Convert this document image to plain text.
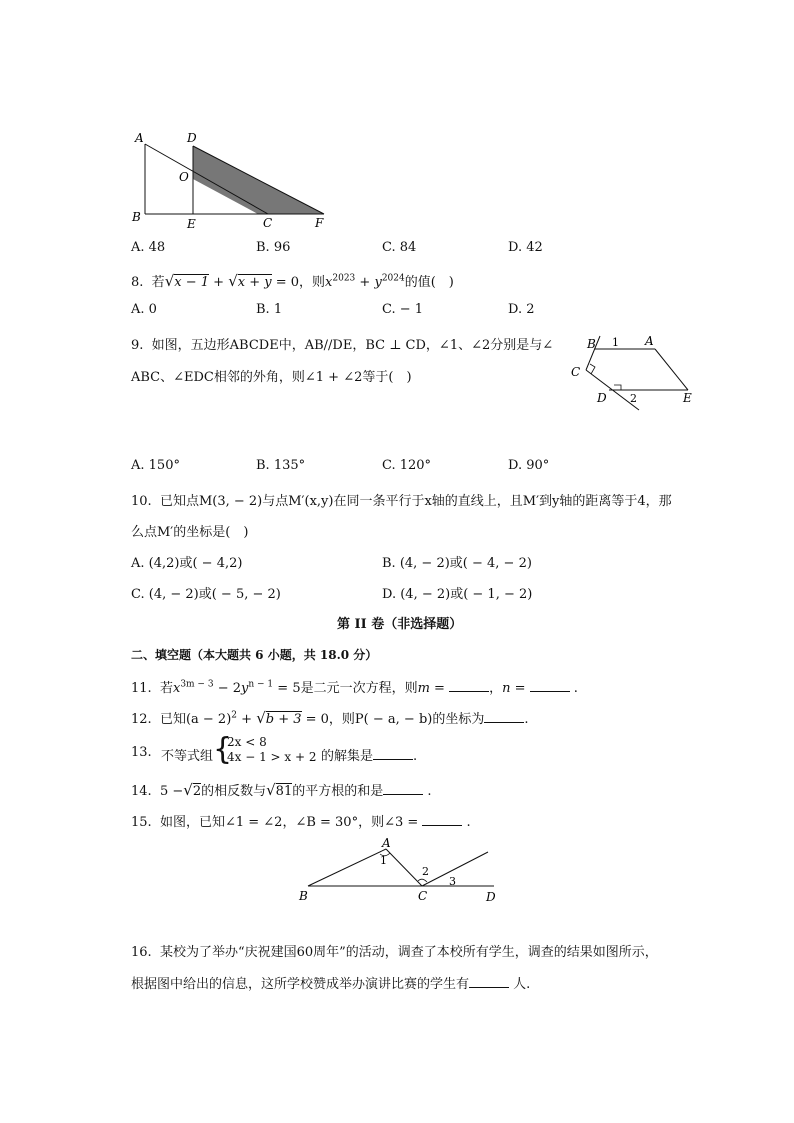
A	D
O
B	E	C	F
A. 48	B. 96	C. 84	D. 42
8. 若√x − 1 + √x + y = 0，则$x^{2023} + y^{2024}$的值(　)
A. 0	B. 1	C. − 1	D. 2
9. 如图，五边形ABCDE中，AB//DE，BC ⊥ CD，∠1、∠2分别是与∠
ABC、∠EDC相邻的外角，则∠1 + ∠2等于(　)
B 1 A
C
D 2	E
A. 150°	B. 135°	C. 120°	D. 90°
10. 已知点M(3, − 2)与点M′(x,y)在同一条平行于x轴的直线上，且M′到y轴的距离等于4，那
么点M′的坐标是(　)
A. (4,2)或( − 4,2)	B. (4, − 2)或( − 4, − 2)
C. (4, − 2)或( − 5, − 2)	D. (4, − 2)或( − 1, − 2)
第 II 卷（非选择题）
二、填空题（本大题共 6 小题，共 18.0 分）
11. 若$x^{3m - 3} - 2y^{n - 1} = 5$是二元一次方程，则m =	，n =	.
12. 已知$(a - 2)^2 + √b + 3 = 0$，则P( − a, − b)的坐标为	.
13. 不等式组 {
2x < 8
4x − 1 > x + 2 的解集是	.
14. 5 −√2的相反数与√81的平方根的和是	.
15. 如图，已知∠1 = ∠2，∠B = 30°，则∠3 =	.
A
1
2
3
B	C	D
16. 某校为了举办“庆祝建国60周年”的活动，调查了本校所有学生，调查的结果如图所示，
根据图中给出的信息，这所学校赞成举办演讲比赛的学生有	人.
